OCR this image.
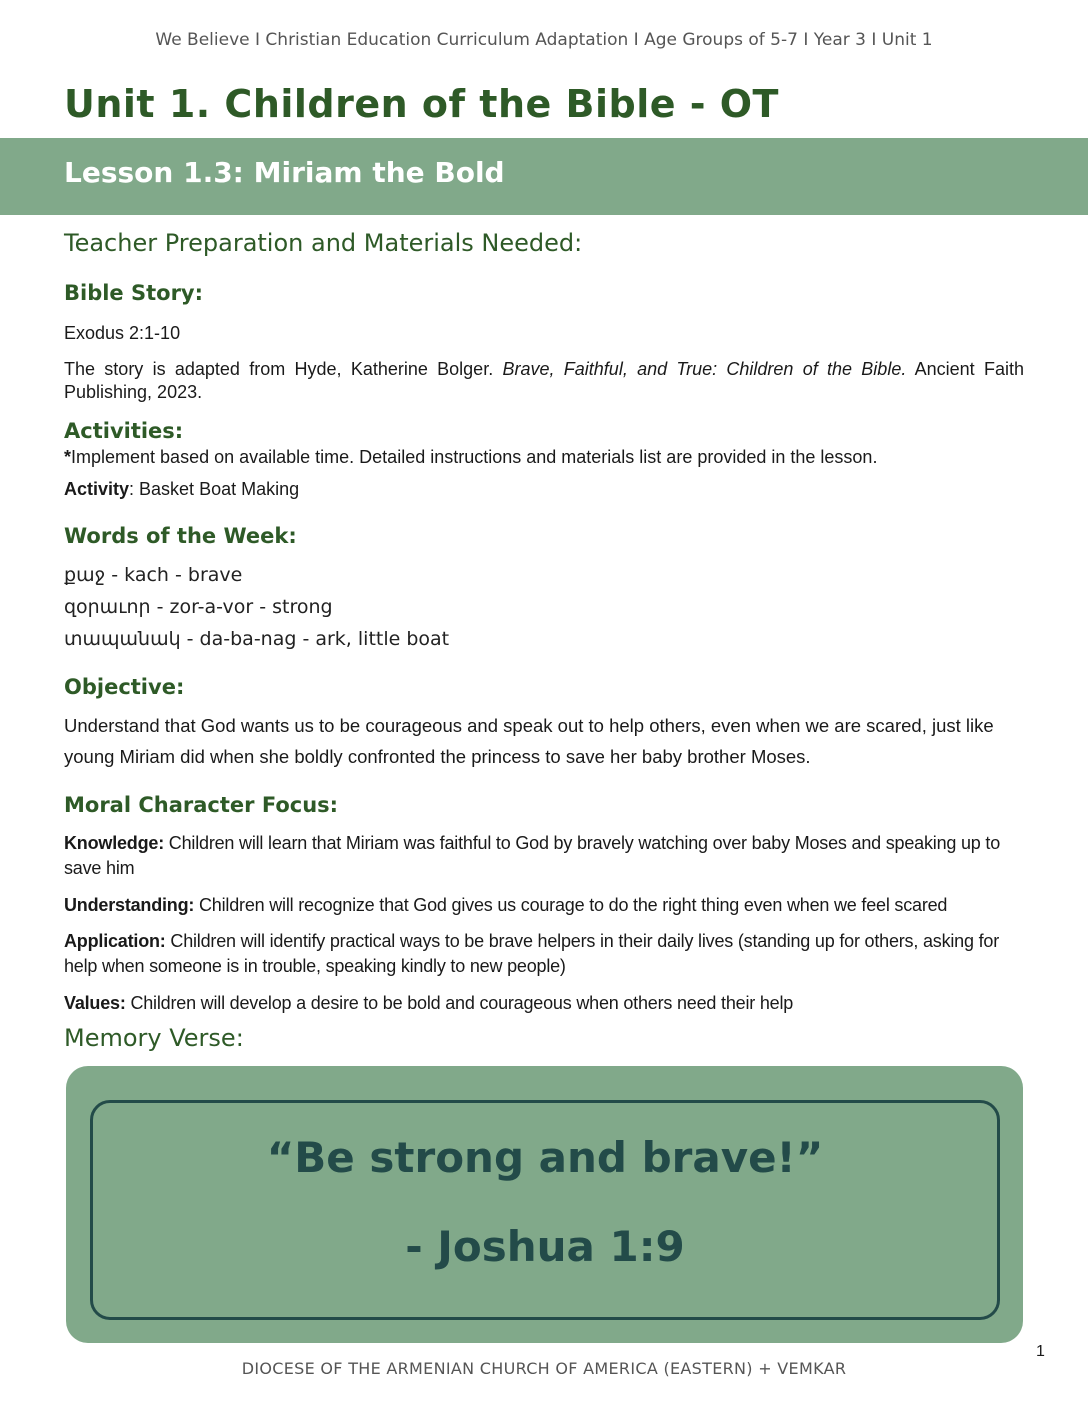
We Believe I Christian Education Curriculum Adaptation I Age Groups of 5-7 I Year 3 I Unit 1
Unit 1. Children of the Bible - OT
Lesson 1.3: Miriam the Bold
Teacher Preparation and Materials Needed:
Bible Story:
Exodus 2:1-10
The story is adapted from Hyde, Katherine Bolger. Brave, Faithful, and True: Children of the Bible. Ancient Faith Publishing, 2023.
Activities:
*Implement based on available time. Detailed instructions and materials list are provided in the lesson.
Activity: Basket Boat Making
Words of the Week:
քաջ - kach - brave
զօրաւոր - zor-a-vor - strong
տապանակ - da-ba-nag - ark, little boat
Objective:
Understand that God wants us to be courageous and speak out to help others, even when we are scared, just like young Miriam did when she boldly confronted the princess to save her baby brother Moses.
Moral Character Focus:
Knowledge: Children will learn that Miriam was faithful to God by bravely watching over baby Moses and speaking up to save him
Understanding: Children will recognize that God gives us courage to do the right thing even when we feel scared
Application: Children will identify practical ways to be brave helpers in their daily lives (standing up for others, asking for help when someone is in trouble, speaking kindly to new people)
Values: Children will develop a desire to be bold and courageous when others need their help
Memory Verse:
“Be strong and brave!”
- Joshua 1:9
1
DIOCESE OF THE ARMENIAN CHURCH OF AMERICA (EASTERN) + VEMKAR
